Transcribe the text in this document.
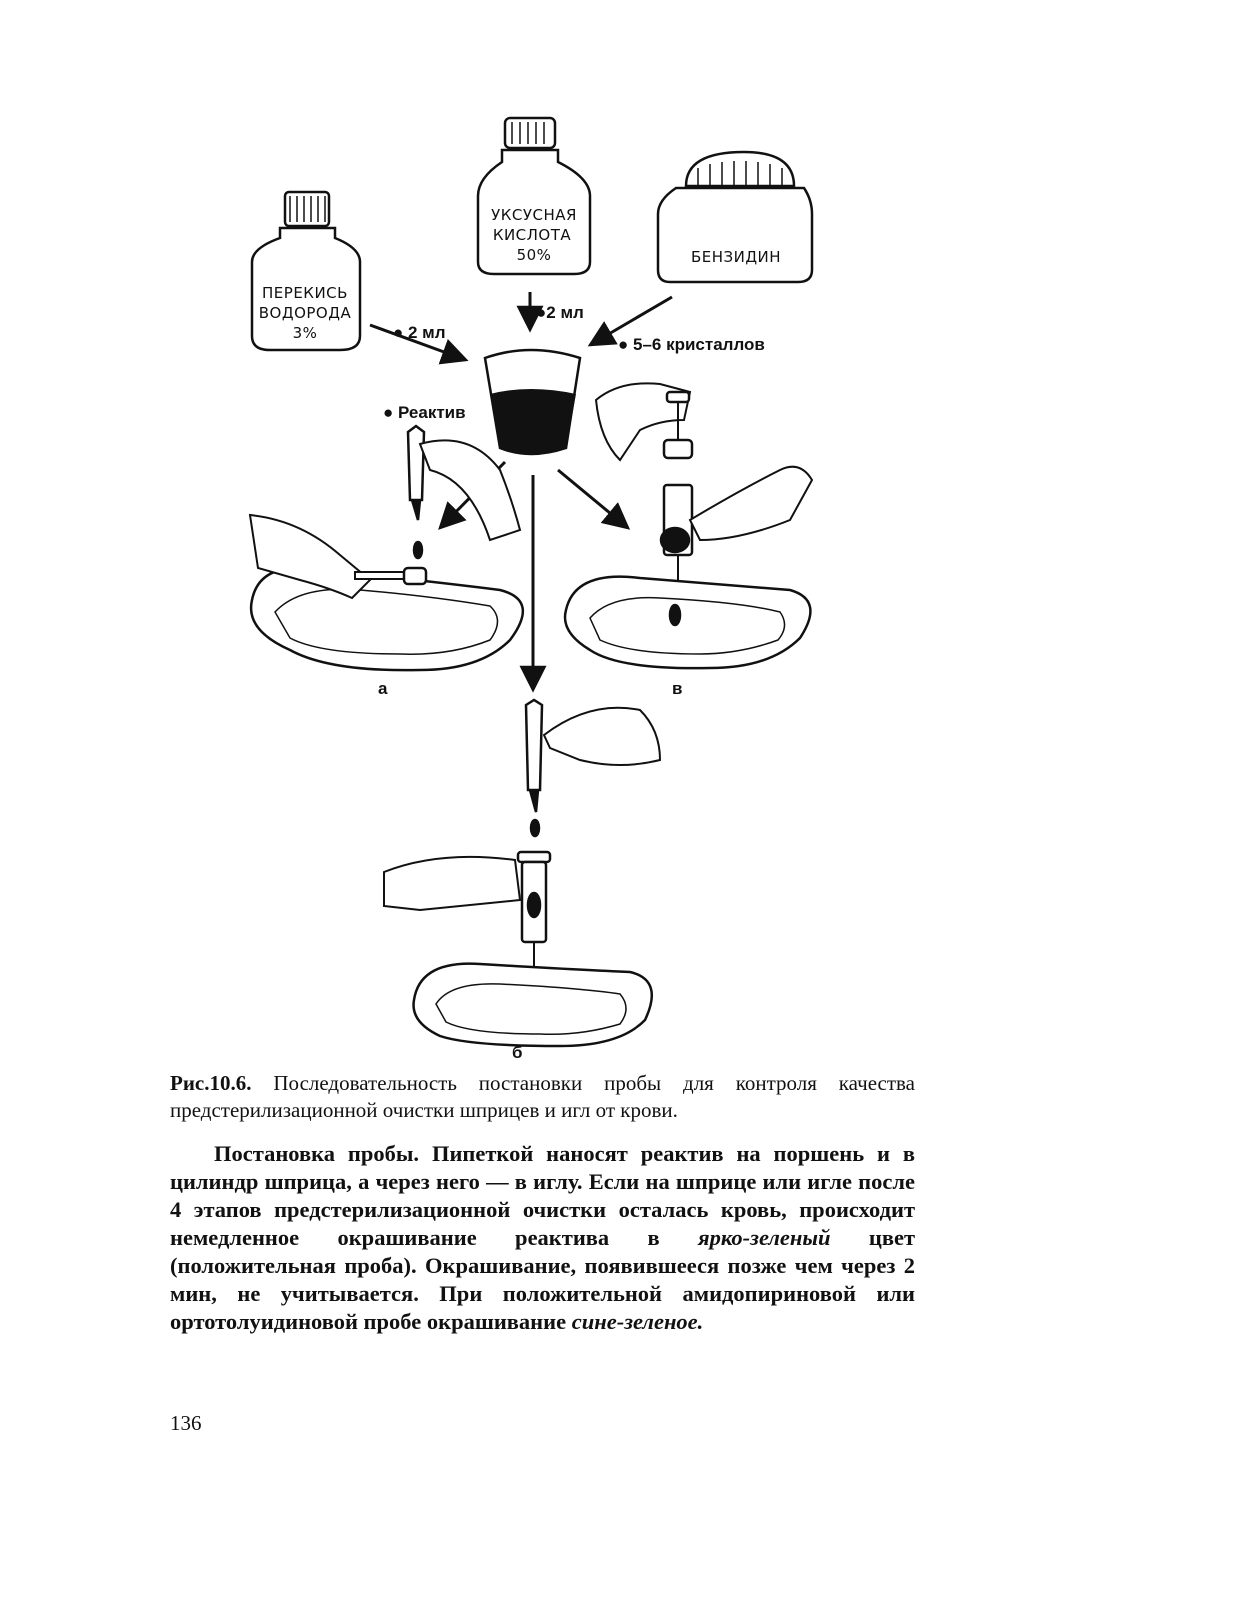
ПЕРЕКИСЬ
ВОДОРОДА
3%
УКСУСНАЯ
КИСЛОТА
50%	БЕНЗИДИН
● 2 мл
●2 мл
● 5–6 кристаллов
● Реактив
а	в
б

Рис.10.6. Последовательность постановки пробы для контроля качества предстерилизационной очистки шприцев и игл от крови.

Постановка пробы. Пипеткой наносят реактив на поршень и в цилиндр шприца, а через него — в иглу. Если на шприце или игле после 4 этапов предстерилизационной очистки осталась кровь, происходит немедленное окрашивание реактива в ярко-зеленый цвет (положительная проба). Окрашивание, появившееся позже чем через 2 мин, не учитывается. При положительной амидопириновой или ортотолуидиновой пробе окрашивание сине-зеленое.

136
